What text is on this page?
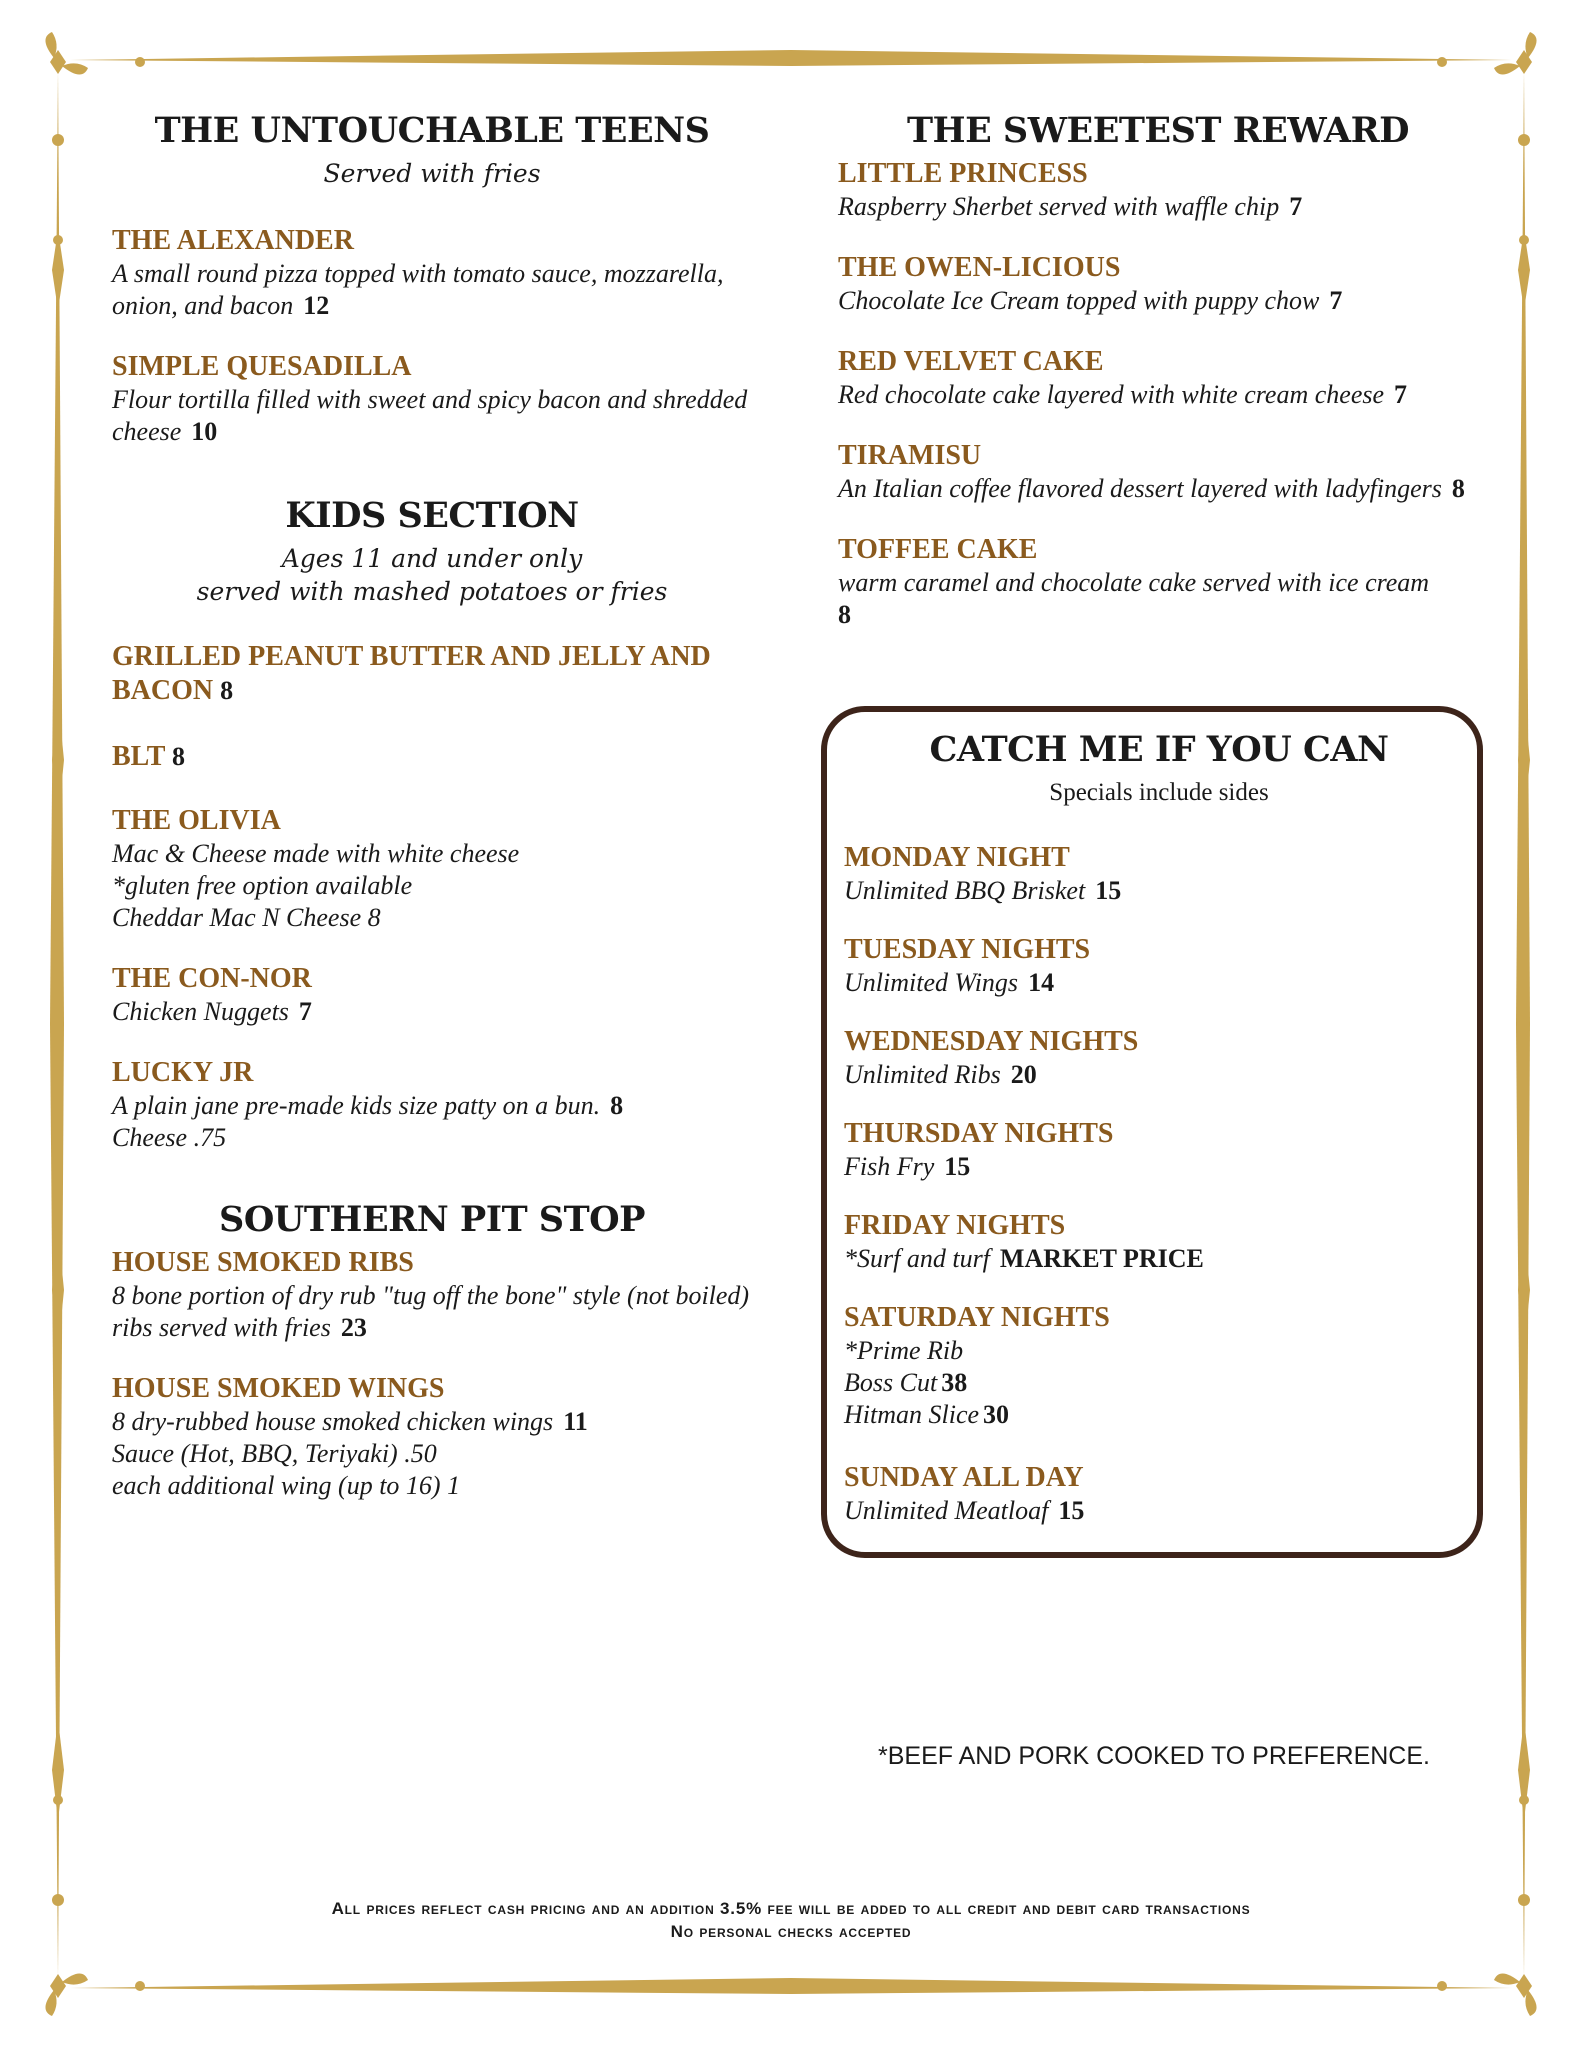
THE UNTOUCHABLE TEENS
Served with fries
THE ALEXANDER
A small round pizza topped with tomato sauce, mozzarella, onion, and bacon 12
SIMPLE QUESADILLA
Flour tortilla filled with sweet and spicy bacon and shredded cheese 10
KIDS SECTION
Ages 11 and under only
served with mashed potatoes or fries
GRILLED PEANUT BUTTER AND JELLY AND BACON 8
BLT 8
THE OLIVIA
Mac & Cheese made with white cheese
*gluten free option available
Cheddar Mac N Cheese 8
THE CON-NOR
Chicken Nuggets 7
LUCKY JR
A plain jane pre-made kids size patty on a bun. 8
Cheese .75
SOUTHERN PIT STOP
HOUSE SMOKED RIBS
8 bone portion of dry rub "tug off the bone" style (not boiled) ribs served with fries 23
HOUSE SMOKED WINGS
8 dry-rubbed house smoked chicken wings 11
Sauce (Hot, BBQ, Teriyaki) .50
each additional wing (up to 16) 1
THE SWEETEST REWARD
LITTLE PRINCESS
Raspberry Sherbet served with waffle chip 7
THE OWEN-LICIOUS
Chocolate Ice Cream topped with puppy chow 7
RED VELVET CAKE
Red chocolate cake layered with white cream cheese 7
TIRAMISU
An Italian coffee flavored dessert layered with ladyfingers 8
TOFFEE CAKE
warm caramel and chocolate cake served with ice cream
8
CATCH ME IF YOU CAN
Specials include sides
MONDAY NIGHT
Unlimited BBQ Brisket 15
TUESDAY NIGHTS
Unlimited Wings 14
WEDNESDAY NIGHTS
Unlimited Ribs 20
THURSDAY NIGHTS
Fish Fry 15
FRIDAY NIGHTS
*Surf and turf MARKET PRICE
SATURDAY NIGHTS
*Prime Rib
Boss Cut 38
Hitman Slice 30
SUNDAY ALL DAY
Unlimited Meatloaf 15
*BEEF AND PORK COOKED TO PREFERENCE.
All prices reflect cash pricing and an addition 3.5% fee will be added to all credit and debit card transactions
No personal checks accepted
